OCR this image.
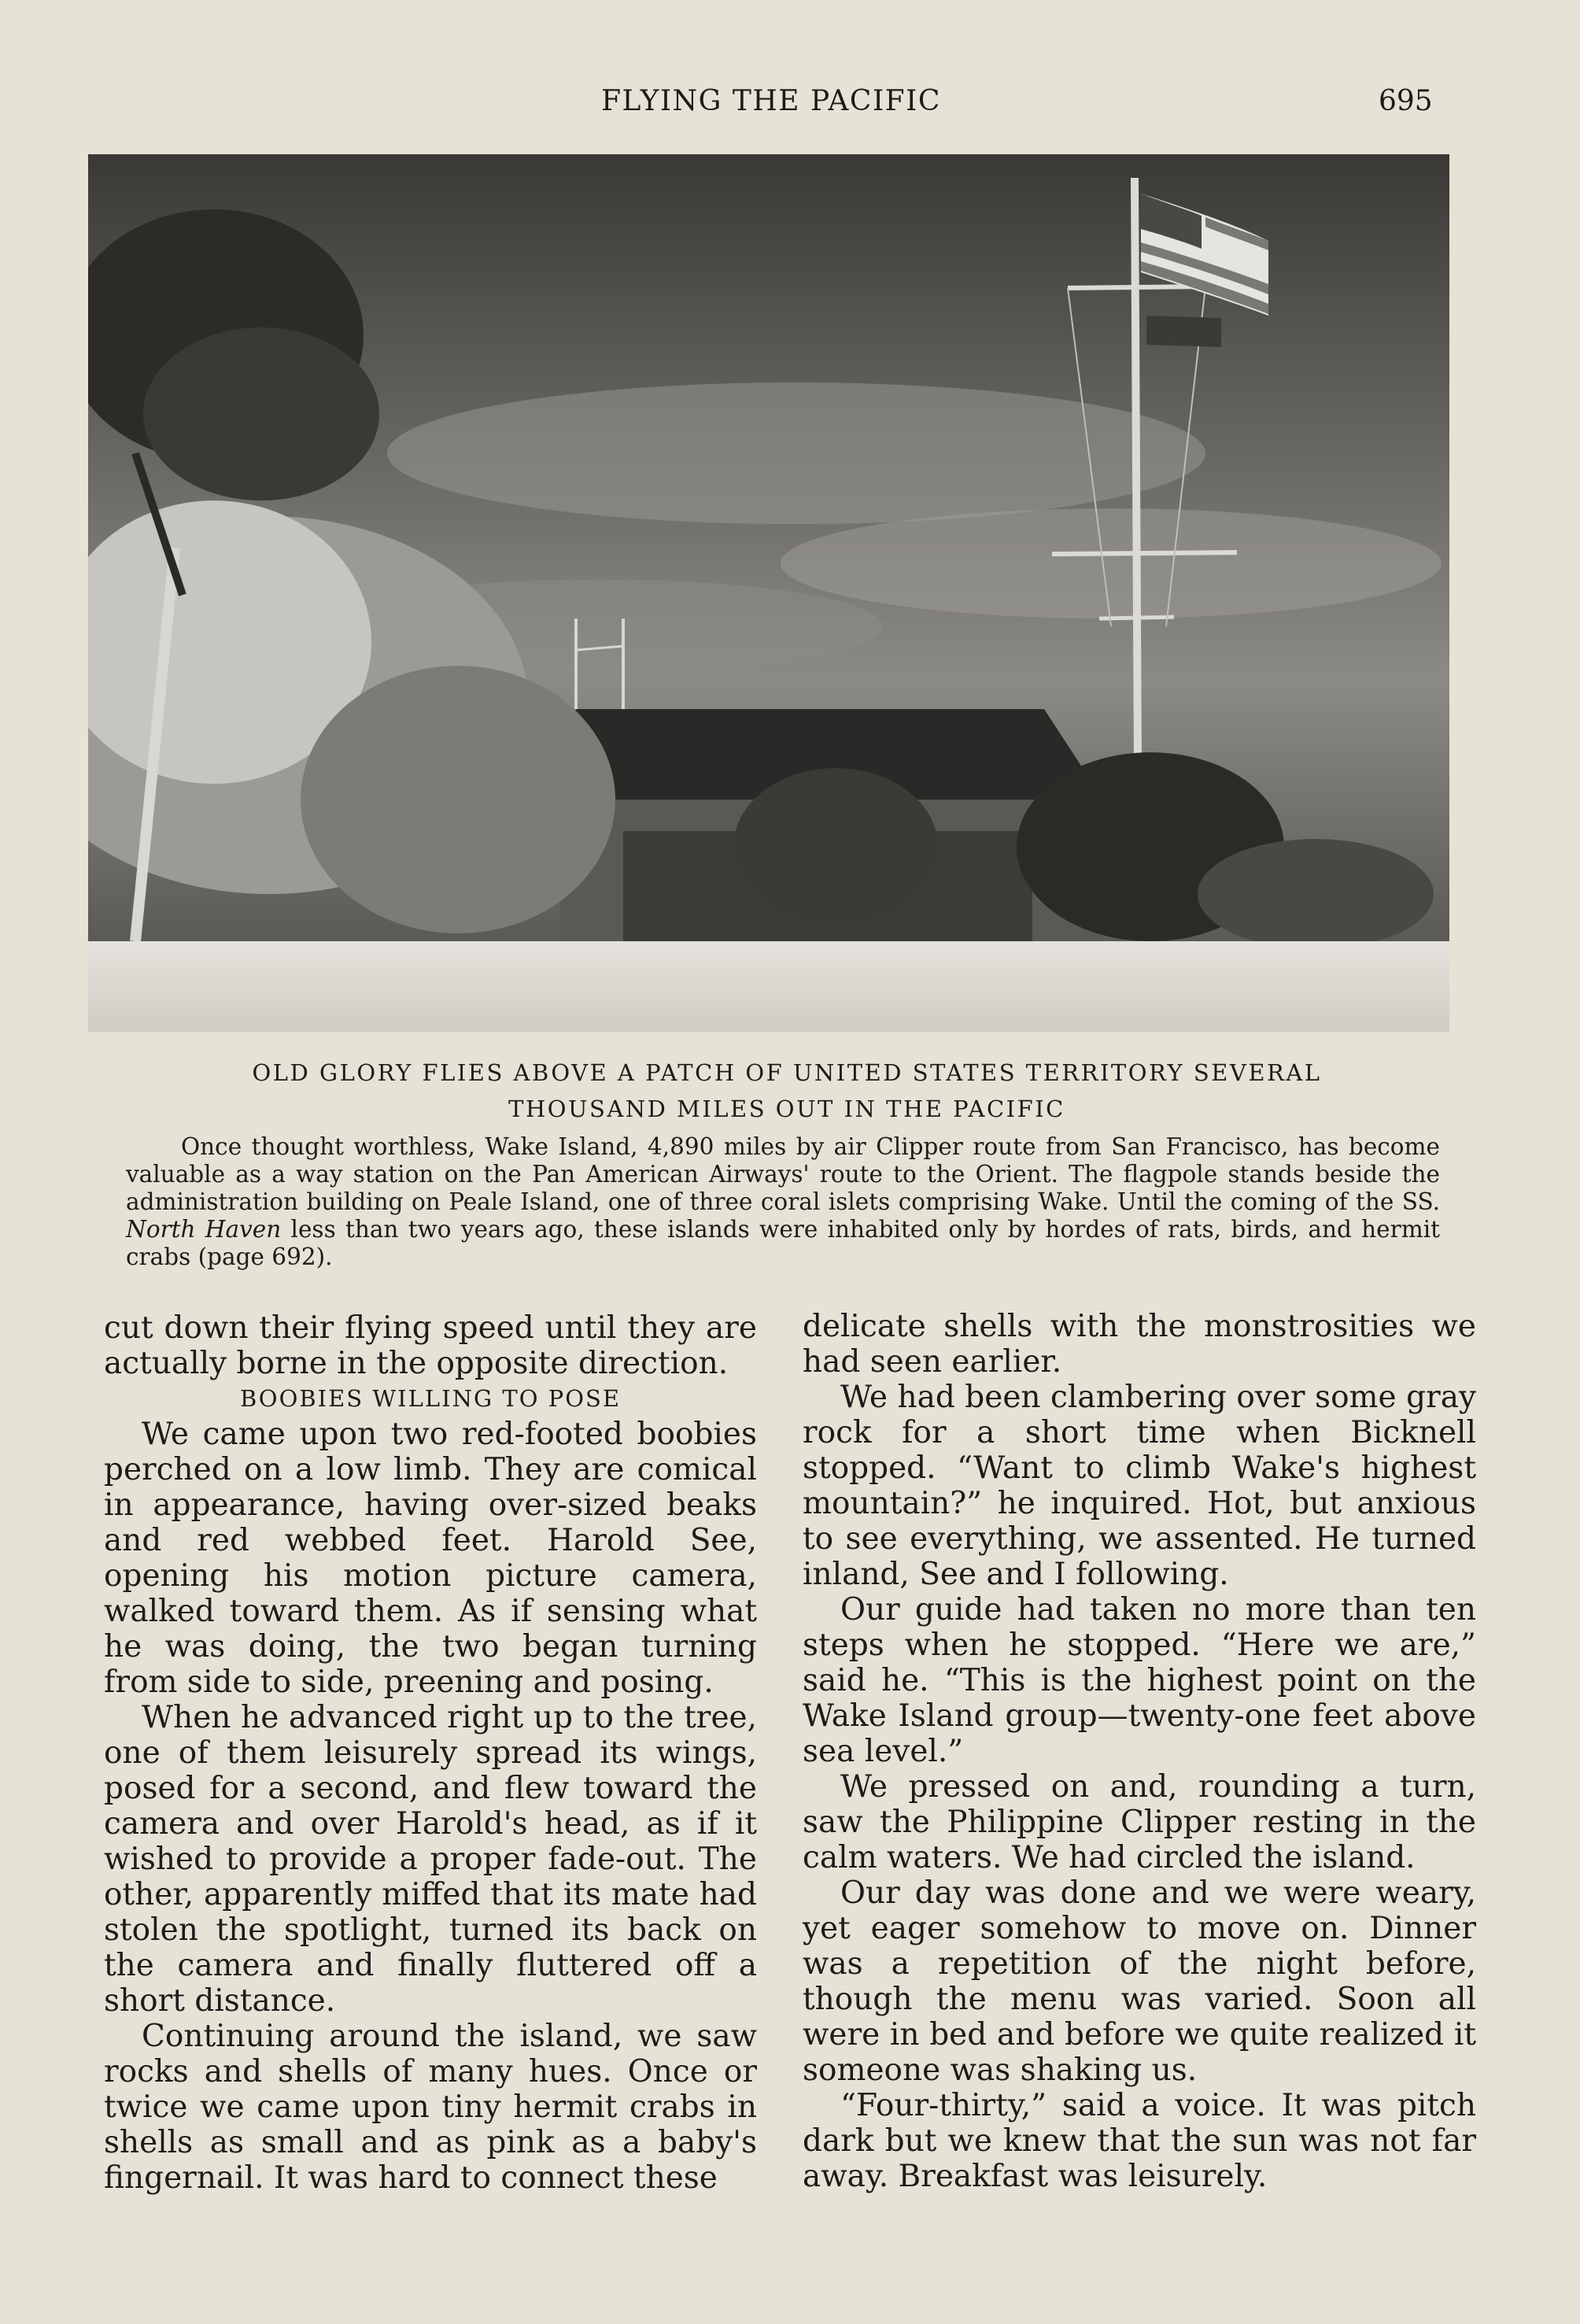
FLYING THE PACIFIC	695
OLD GLORY FLIES ABOVE A PATCH OF UNITED STATES TERRITORY SEVERAL
THOUSAND MILES OUT IN THE PACIFIC
Once thought worthless, Wake Island, 4,890 miles by air Clipper route from San Francisco, has become valuable as a way station on the Pan American Airways' route to the Orient. The flagpole stands beside the administration building on Peale Island, one of three coral islets comprising Wake. Until the coming of the SS. North Haven less than two years ago, these islands were inhabited only by hordes of rats, birds, and hermit crabs (page 692).

cut down their flying speed until they are actually borne in the opposite direction.

BOOBIES WILLING TO POSE

We came upon two red-footed boobies perched on a low limb. They are comical in appearance, having over-sized beaks and red webbed feet. Harold See, opening his motion picture camera, walked toward them. As if sensing what he was doing, the two began turning from side to side, preening and posing.

When he advanced right up to the tree, one of them leisurely spread its wings, posed for a second, and flew toward the camera and over Harold's head, as if it wished to provide a proper fade-out. The other, apparently miffed that its mate had stolen the spotlight, turned its back on the camera and finally fluttered off a short distance.

Continuing around the island, we saw rocks and shells of many hues. Once or twice we came upon tiny hermit crabs in shells as small and as pink as a baby's fingernail. It was hard to connect these

delicate shells with the monstrosities we had seen earlier.

We had been clambering over some gray rock for a short time when Bicknell stopped. “Want to climb Wake's highest mountain?” he inquired. Hot, but anxious to see everything, we assented. He turned inland, See and I following.

Our guide had taken no more than ten steps when he stopped. “Here we are,” said he. “This is the highest point on the Wake Island group—twenty-one feet above sea level.”

We pressed on and, rounding a turn, saw the Philippine Clipper resting in the calm waters. We had circled the island.

Our day was done and we were weary, yet eager somehow to move on. Dinner was a repetition of the night before, though the menu was varied. Soon all were in bed and before we quite realized it someone was shaking us.

“Four-thirty,” said a voice. It was pitch dark but we knew that the sun was not far away. Breakfast was leisurely.
